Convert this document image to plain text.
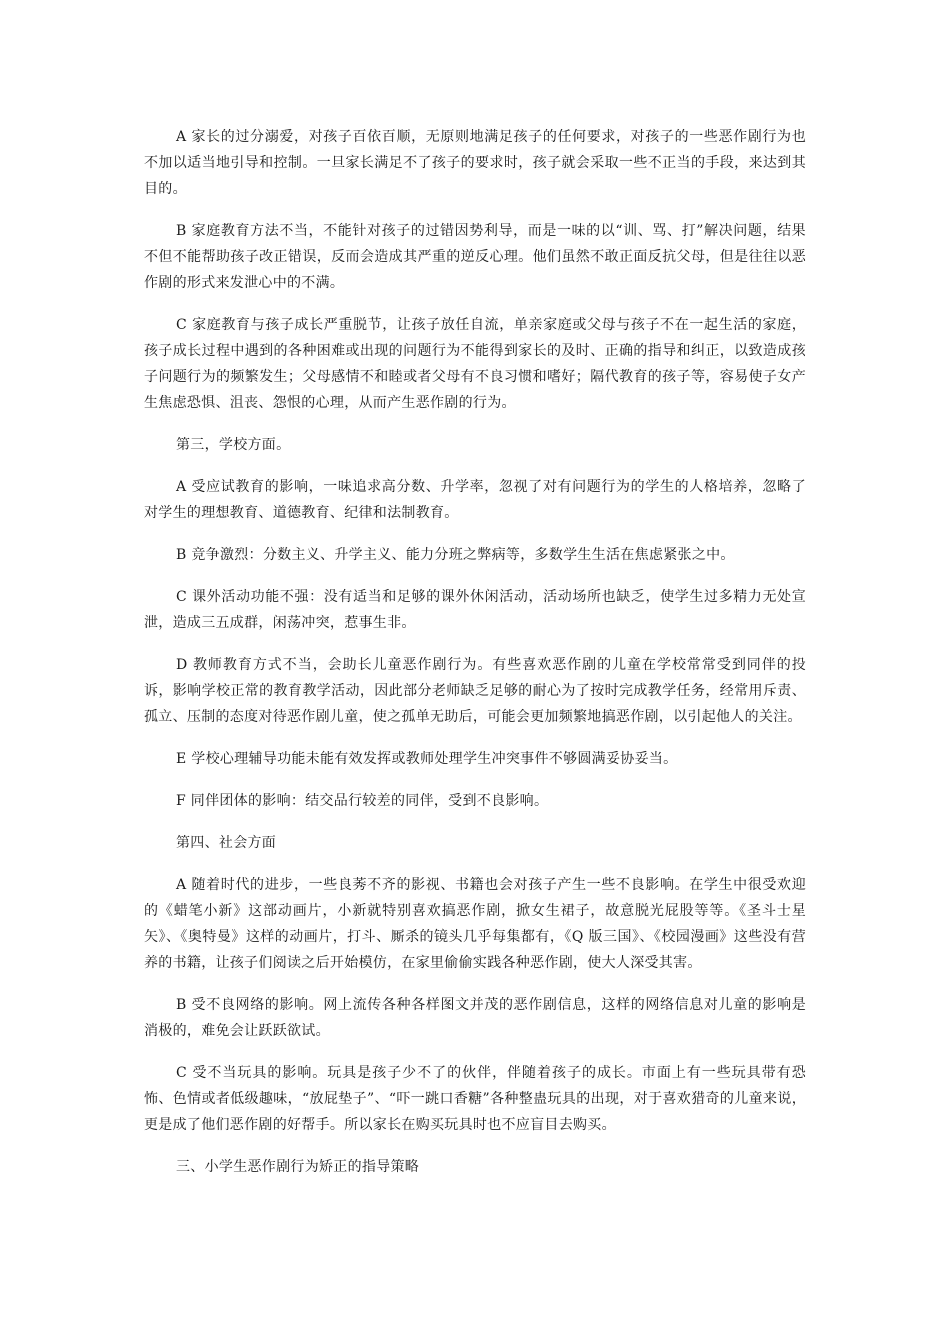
A 家长的过分溺爱，对孩子百依百顺，无原则地满足孩子的任何要求，对孩子的一些恶作剧行为也不加以适当地引导和控制。一旦家长满足不了孩子的要求时，孩子就会采取一些不正当的手段，来达到其目的。

B 家庭教育方法不当，不能针对孩子的过错因势利导，而是一味的以“训、骂、打”解决问题，结果不但不能帮助孩子改正错误，反而会造成其严重的逆反心理。他们虽然不敢正面反抗父母，但是往往以恶作剧的形式来发泄心中的不满。

C 家庭教育与孩子成长严重脱节，让孩子放任自流，单亲家庭或父母与孩子不在一起生活的家庭，孩子成长过程中遇到的各种困难或出现的问题行为不能得到家长的及时、正确的指导和纠正，以致造成孩子问题行为的频繁发生；父母感情不和睦或者父母有不良习惯和嗜好；隔代教育的孩子等，容易使子女产生焦虑恐惧、沮丧、怨恨的心理，从而产生恶作剧的行为。

第三，学校方面。

A 受应试教育的影响，一味追求高分数、升学率，忽视了对有问题行为的学生的人格培养，忽略了对学生的理想教育、道德教育、纪律和法制教育。

B 竞争激烈：分数主义、升学主义、能力分班之弊病等，多数学生生活在焦虑紧张之中。

C 课外活动功能不强：没有适当和足够的课外休闲活动，活动场所也缺乏，使学生过多精力无处宣泄，造成三五成群，闲荡冲突，惹事生非。

D 教师教育方式不当，会助长儿童恶作剧行为。有些喜欢恶作剧的儿童在学校常常受到同伴的投诉，影响学校正常的教育教学活动，因此部分老师缺乏足够的耐心为了按时完成教学任务，经常用斥责、孤立、压制的态度对待恶作剧儿童，使之孤单无助后，可能会更加频繁地搞恶作剧，以引起他人的关注。

E 学校心理辅导功能未能有效发挥或教师处理学生冲突事件不够圆满妥协妥当。

F 同伴团体的影响：结交品行较差的同伴，受到不良影响。

第四、社会方面

A 随着时代的进步，一些良莠不齐的影视、书籍也会对孩子产生一些不良影响。在学生中很受欢迎的《蜡笔小新》这部动画片，小新就特别喜欢搞恶作剧，掀女生裙子，故意脱光屁股等等。《圣斗士星矢》、《奥特曼》这样的动画片，打斗、厮杀的镜头几乎每集都有，《Q 版三国》、《校园漫画》这些没有营养的书籍，让孩子们阅读之后开始模仿，在家里偷偷实践各种恶作剧，使大人深受其害。

B 受不良网络的影响。网上流传各种各样图文并茂的恶作剧信息，这样的网络信息对儿童的影响是消极的，难免会让跃跃欲试。

C 受不当玩具的影响。玩具是孩子少不了的伙伴，伴随着孩子的成长。市面上有一些玩具带有恐怖、色情或者低级趣味，“放屁垫子”、“吓一跳口香糖”各种整蛊玩具的出现，对于喜欢猎奇的儿童来说，更是成了他们恶作剧的好帮手。所以家长在购买玩具时也不应盲目去购买。

三、小学生恶作剧行为矫正的指导策略
